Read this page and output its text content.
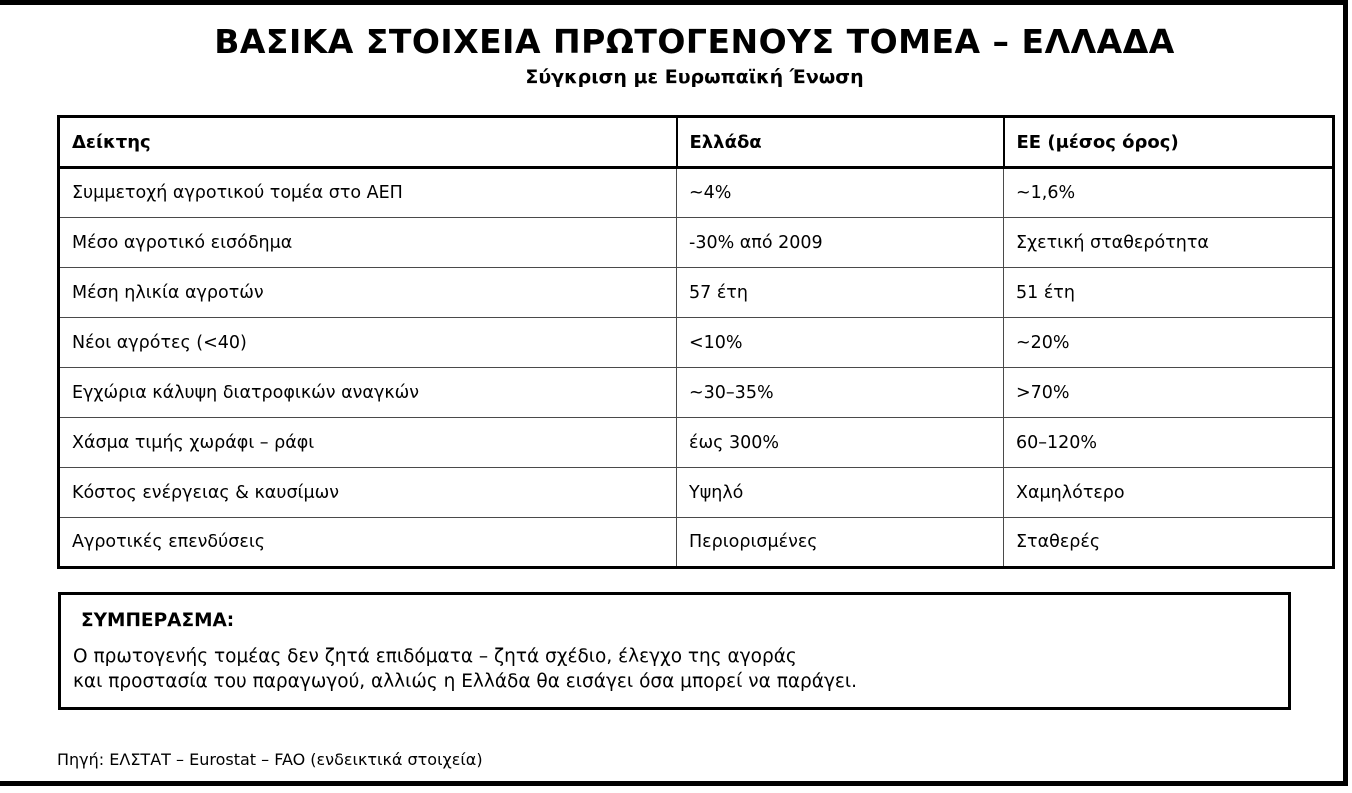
ΒΑΣΙΚΑ ΣΤΟΙΧΕΙΑ ΠΡΩΤΟΓΕΝΟΥΣ ΤΟΜΕΑ – ΕΛΛΑΔΑ
Σύγκριση με Ευρωπαϊκή Ένωση
Δείκτης	Ελλάδα	ΕΕ (μέσος όρος)
Συμμετοχή αγροτικού τομέα στο ΑΕΠ	~4%	~1,6%
Μέσο αγροτικό εισόδημα	-30% από 2009	Σχετική σταθερότητα
Μέση ηλικία αγροτών	57 έτη	51 έτη
Νέοι αγρότες (<40)	<10%	~20%
Εγχώρια κάλυψη διατροφικών αναγκών	~30–35%	>70%
Χάσμα τιμής χωράφι – ράφι	έως 300%	60–120%
Κόστος ενέργειας & καυσίμων	Υψηλό	Χαμηλότερο
Αγροτικές επενδύσεις	Περιορισμένες	Σταθερές
ΣΥΜΠΕΡΑΣΜΑ:
Ο πρωτογενής τομέας δεν ζητά επιδόματα – ζητά σχέδιο, έλεγχο της αγοράς
και προστασία του παραγωγού, αλλιώς η Ελλάδα θα εισάγει όσα μπορεί να παράγει.
Πηγή: ΕΛΣΤΑΤ – Eurostat – FAO (ενδεικτικά στοιχεία)
